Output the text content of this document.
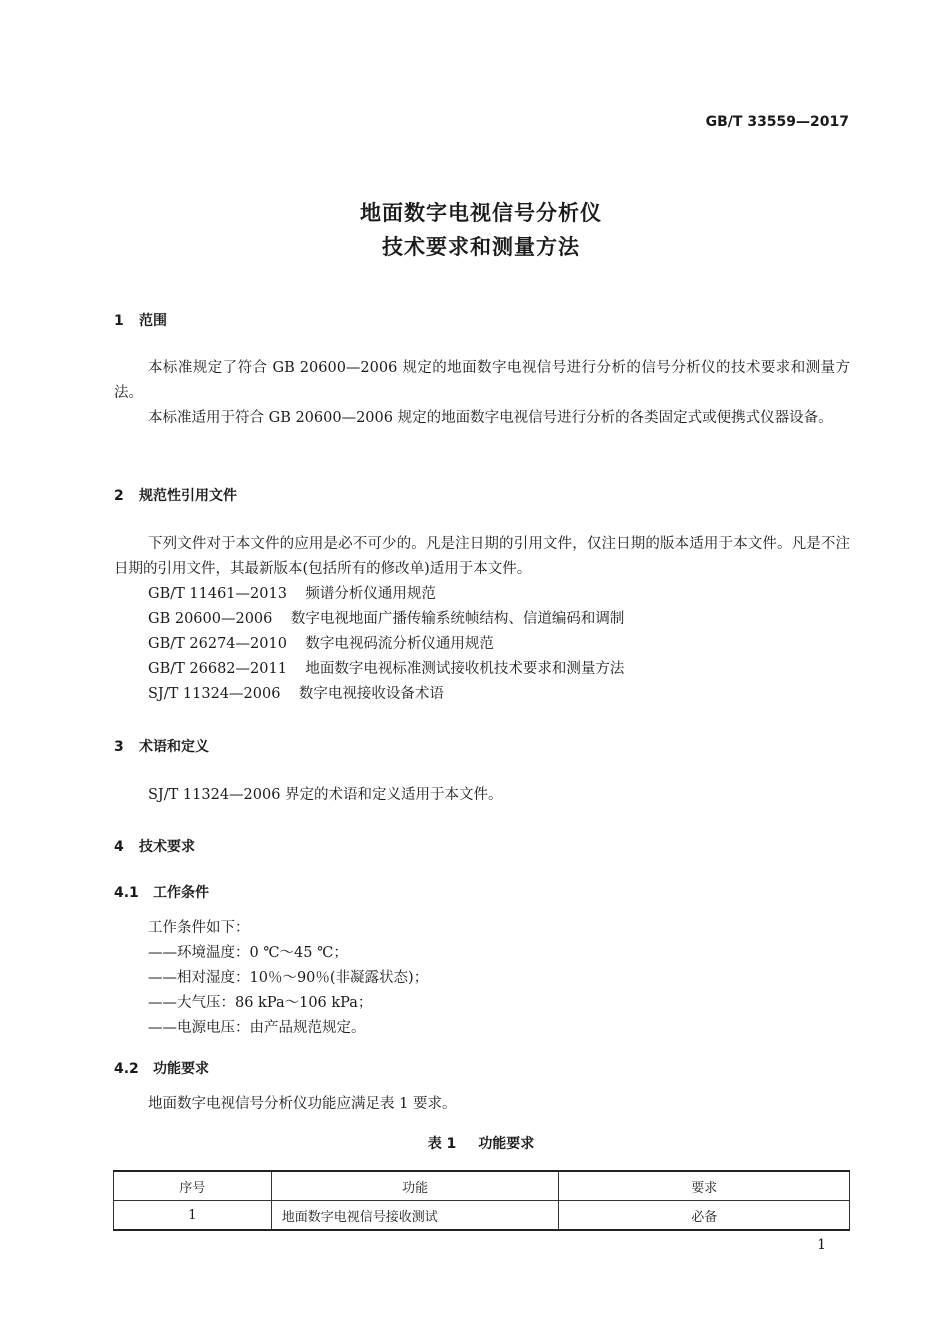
GB/T 33559—2017

地面数字电视信号分析仪

技术要求和测量方法

1 范围

本标准规定了符合 GB 20600—2006 规定的地面数字电视信号进行分析的信号分析仪的技术要求和测量方法。

本标准适用于符合 GB 20600—2006 规定的地面数字电视信号进行分析的各类固定式或便携式仪器设备。

2 规范性引用文件

下列文件对于本文件的应用是必不可少的。凡是注日期的引用文件，仅注日期的版本适用于本文件。凡是不注日期的引用文件，其最新版本(包括所有的修改单)适用于本文件。

GB/T 11461—2013 频谱分析仪通用规范

GB 20600—2006 数字电视地面广播传输系统帧结构、信道编码和调制

GB/T 26274—2010 数字电视码流分析仪通用规范

GB/T 26682—2011 地面数字电视标准测试接收机技术要求和测量方法

SJ/T 11324—2006 数字电视接收设备术语

3 术语和定义

SJ/T 11324—2006 界定的术语和定义适用于本文件。

4 技术要求

4.1 工作条件

工作条件如下：

——环境温度：0 ℃～45 ℃；

——相对湿度：10％～90％(非凝露状态)；

——大气压：86 kPa～106 kPa；

——电源电压：由产品规范规定。

4.2 功能要求

地面数字电视信号分析仪功能应满足表 1 要求。

表 1 功能要求

序号	功能	要求
1	地面数字电视信号接收测试	必备

1
